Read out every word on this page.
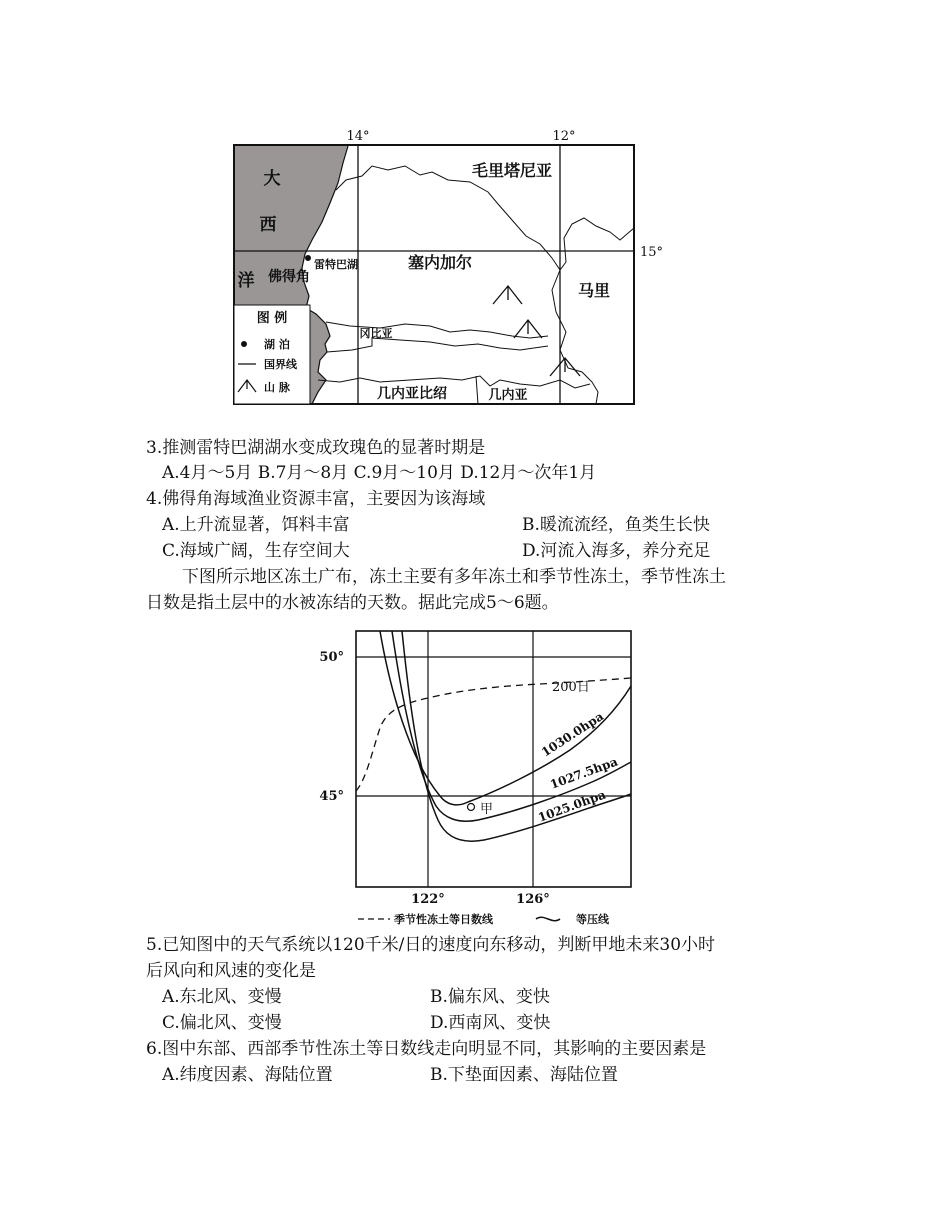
14°	12°
15°
大
西
洋
毛里塔尼亚
塞内加尔
马里
冈比亚
几内亚比绍	几内亚
雷特巴湖
佛得角
图 例
湖 泊
国界线
山 脉
3.推测雷特巴湖湖水变成玫瑰色的显著时期是
A.4月～5月 B.7月～8月 C.9月～10月 D.12月～次年1月
4.佛得角海域渔业资源丰富，主要因为该海域
A.上升流显著，饵料丰富	B.暖流流经，鱼类生长快
C.海域广阔，生存空间大	D.河流入海多，养分充足
下图所示地区冻土广布，冻土主要有多年冻土和季节性冻土，季节性冻土
日数是指土层中的水被冻结的天数。据此完成5～6题。
50°
45°
122°	126°
200日
1030.0hpa
1027.5hpa
1025.0hpa
甲
季节性冻土等日数线	等压线
5.已知图中的天气系统以120千米/日的速度向东移动，判断甲地未来30小时
后风向和风速的变化是
A.东北风、变慢	B.偏东风、变快
C.偏北风、变慢	D.西南风、变快
6.图中东部、西部季节性冻土等日数线走向明显不同，其影响的主要因素是
A.纬度因素、海陆位置	B.下垫面因素、海陆位置
